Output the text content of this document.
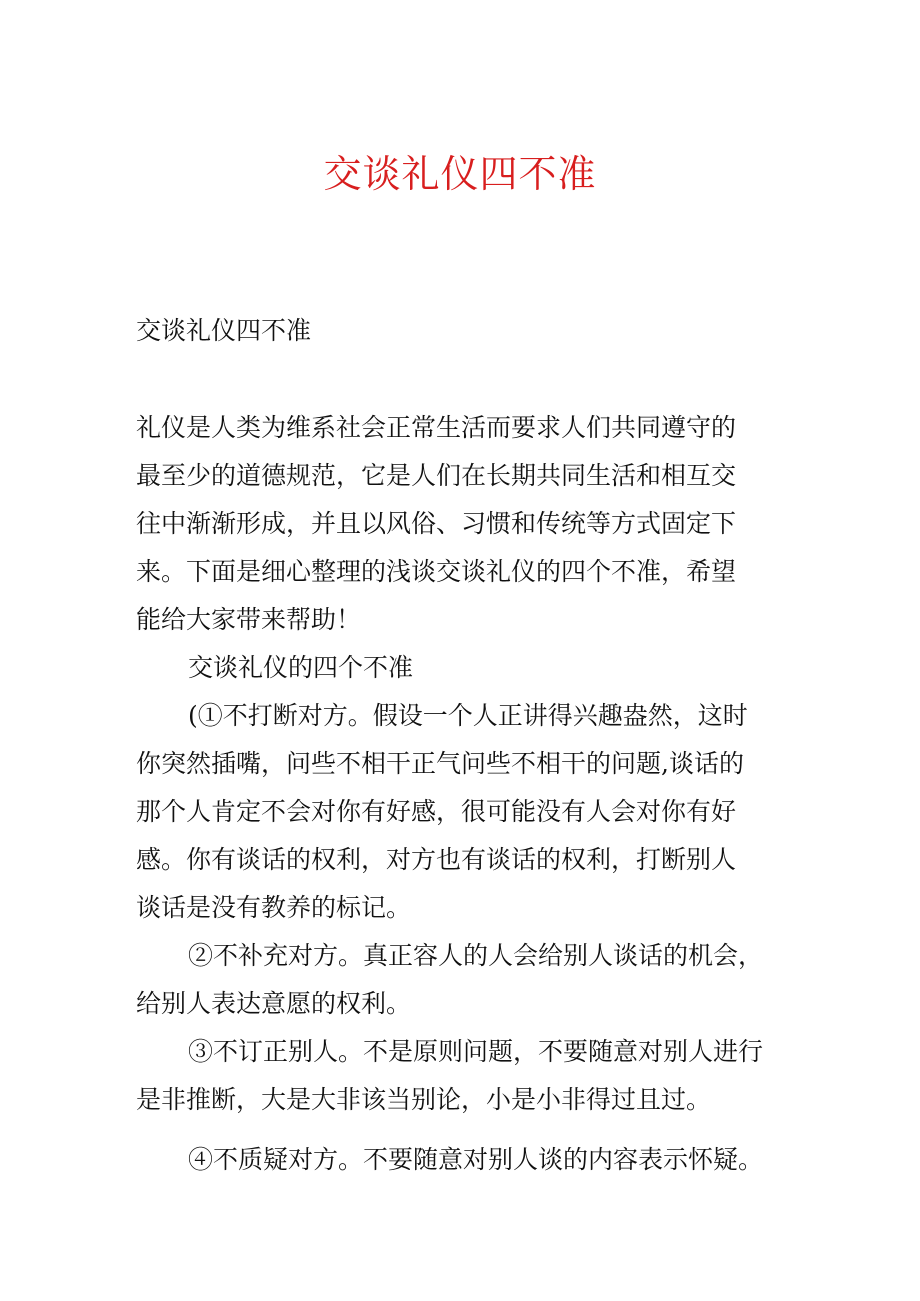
交谈礼仪四不准
交谈礼仪四不准
礼仪是人类为维系社会正常生活而要求人们共同遵守的
最至少的道德规范，它是人们在长期共同生活和相互交
往中渐渐形成，并且以风俗、习惯和传统等方式固定下
来。下面是细心整理的浅谈交谈礼仪的四个不准，希望
能给大家带来帮助！
交谈礼仪的四个不准
(①不打断对方。假设一个人正讲得兴趣盎然，这时
你突然插嘴，问些不相干正气问些不相干的问题,谈话的
那个人肯定不会对你有好感，很可能没有人会对你有好
感。你有谈话的权利，对方也有谈话的权利，打断别人
谈话是没有教养的标记。
②不补充对方。真正容人的人会给别人谈话的机会，
给别人表达意愿的权利。
③不订正别人。不是原则问题，不要随意对别人进行
是非推断，大是大非该当别论，小是小非得过且过。
④不质疑对方。不要随意对别人谈的内容表示怀疑。
